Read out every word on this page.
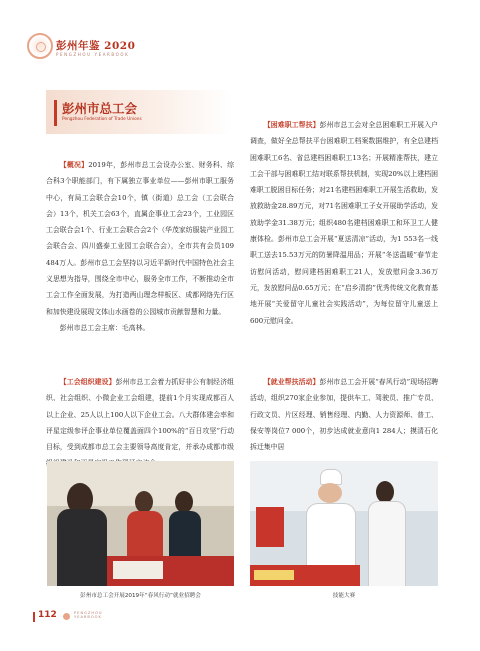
彭州年鉴 2020
PENGZHOU YEARBOOK
彭州市总工会
Pengzhou Federation of Trade Unions

【概况】2019年，彭州市总工会设办公室、财务科、综合科3个职能部门，有下属独立事业单位——彭州市职工服务中心，有局工会联合会10个，镇（街道）总工会（工会联合会）13个，机关工会63个，直属企事业工会23个，工业园区工会联合会1个、行业工会联合会2个（华茂家纺服装产业园工会联合会、四川盛泰工业园工会联合会），全市共有会员109 484万人。彭州市总工会坚持以习近平新时代中国特色社会主义思想为指导，围绕全市中心，服务全市工作，不断推动全市工会工作全面发展，为打造两山理念样板区、成都网络先行区和加快建设展现文体山水画卷的公园城市贡献智慧和力量。

彭州市总工会主席：毛高林。

【工会组织建设】彭州市总工会着力抓好非公有制经济组织、社会组织、小微企业工会组建，提前1个月实现成都百人以上企业、25人以上100人以下企业工会。八大群体建会率和评星定级参评企事业单位覆盖面四个100%的“百日攻坚”行动目标，受到成都市总工会主要领导高度肯定，并承办成都市级

【困难职工帮扶】彭州市总工会对全总困难职工开展入户调查，做好全总帮扶平台困难职工档案数据维护，有全总建档困难职工6名、省总建档困难职工13名；开展精准帮扶，建立工会干部与困难职工结对联系帮扶机制，实现20%以上建档困难职工脱困目标任务；对21名建档困难职工开展生活救助，发放救助金28.89万元，对71名困难职工子女开展助学活动，发放助学金31.38万元；组织480名建档困难职工和环卫工人健康体检。彭州市总工会开展“夏送清凉”活动，为1 553名一线职工送去15.53万元的防暑降温用品；开展“冬送温暖”春节走访慰问活动，慰问建档困难职工21人，发放慰问金3.36万元，发放慰问品0.65万元；在“启乡清韵”优秀传统文化教育基地开展“关爱留守儿童社会实践活动”，为每位留守儿童送上600元慰问金。

【就业帮扶活动】彭州市总工会开展“春风行动”现场招聘活动，组织270家企业参加，提供车工、驾驶员、推广专员、行政文员、片区经理、销售经理、内勤、人力资源师、普工、保安等岗位7 000个，初步达成就业意向1 284人；摸清石化拆迁集中居

彭州市总工会开展2019年“春风行动”就业招聘会	技能大赛
112	PENGZHOU
YEARBOOK
